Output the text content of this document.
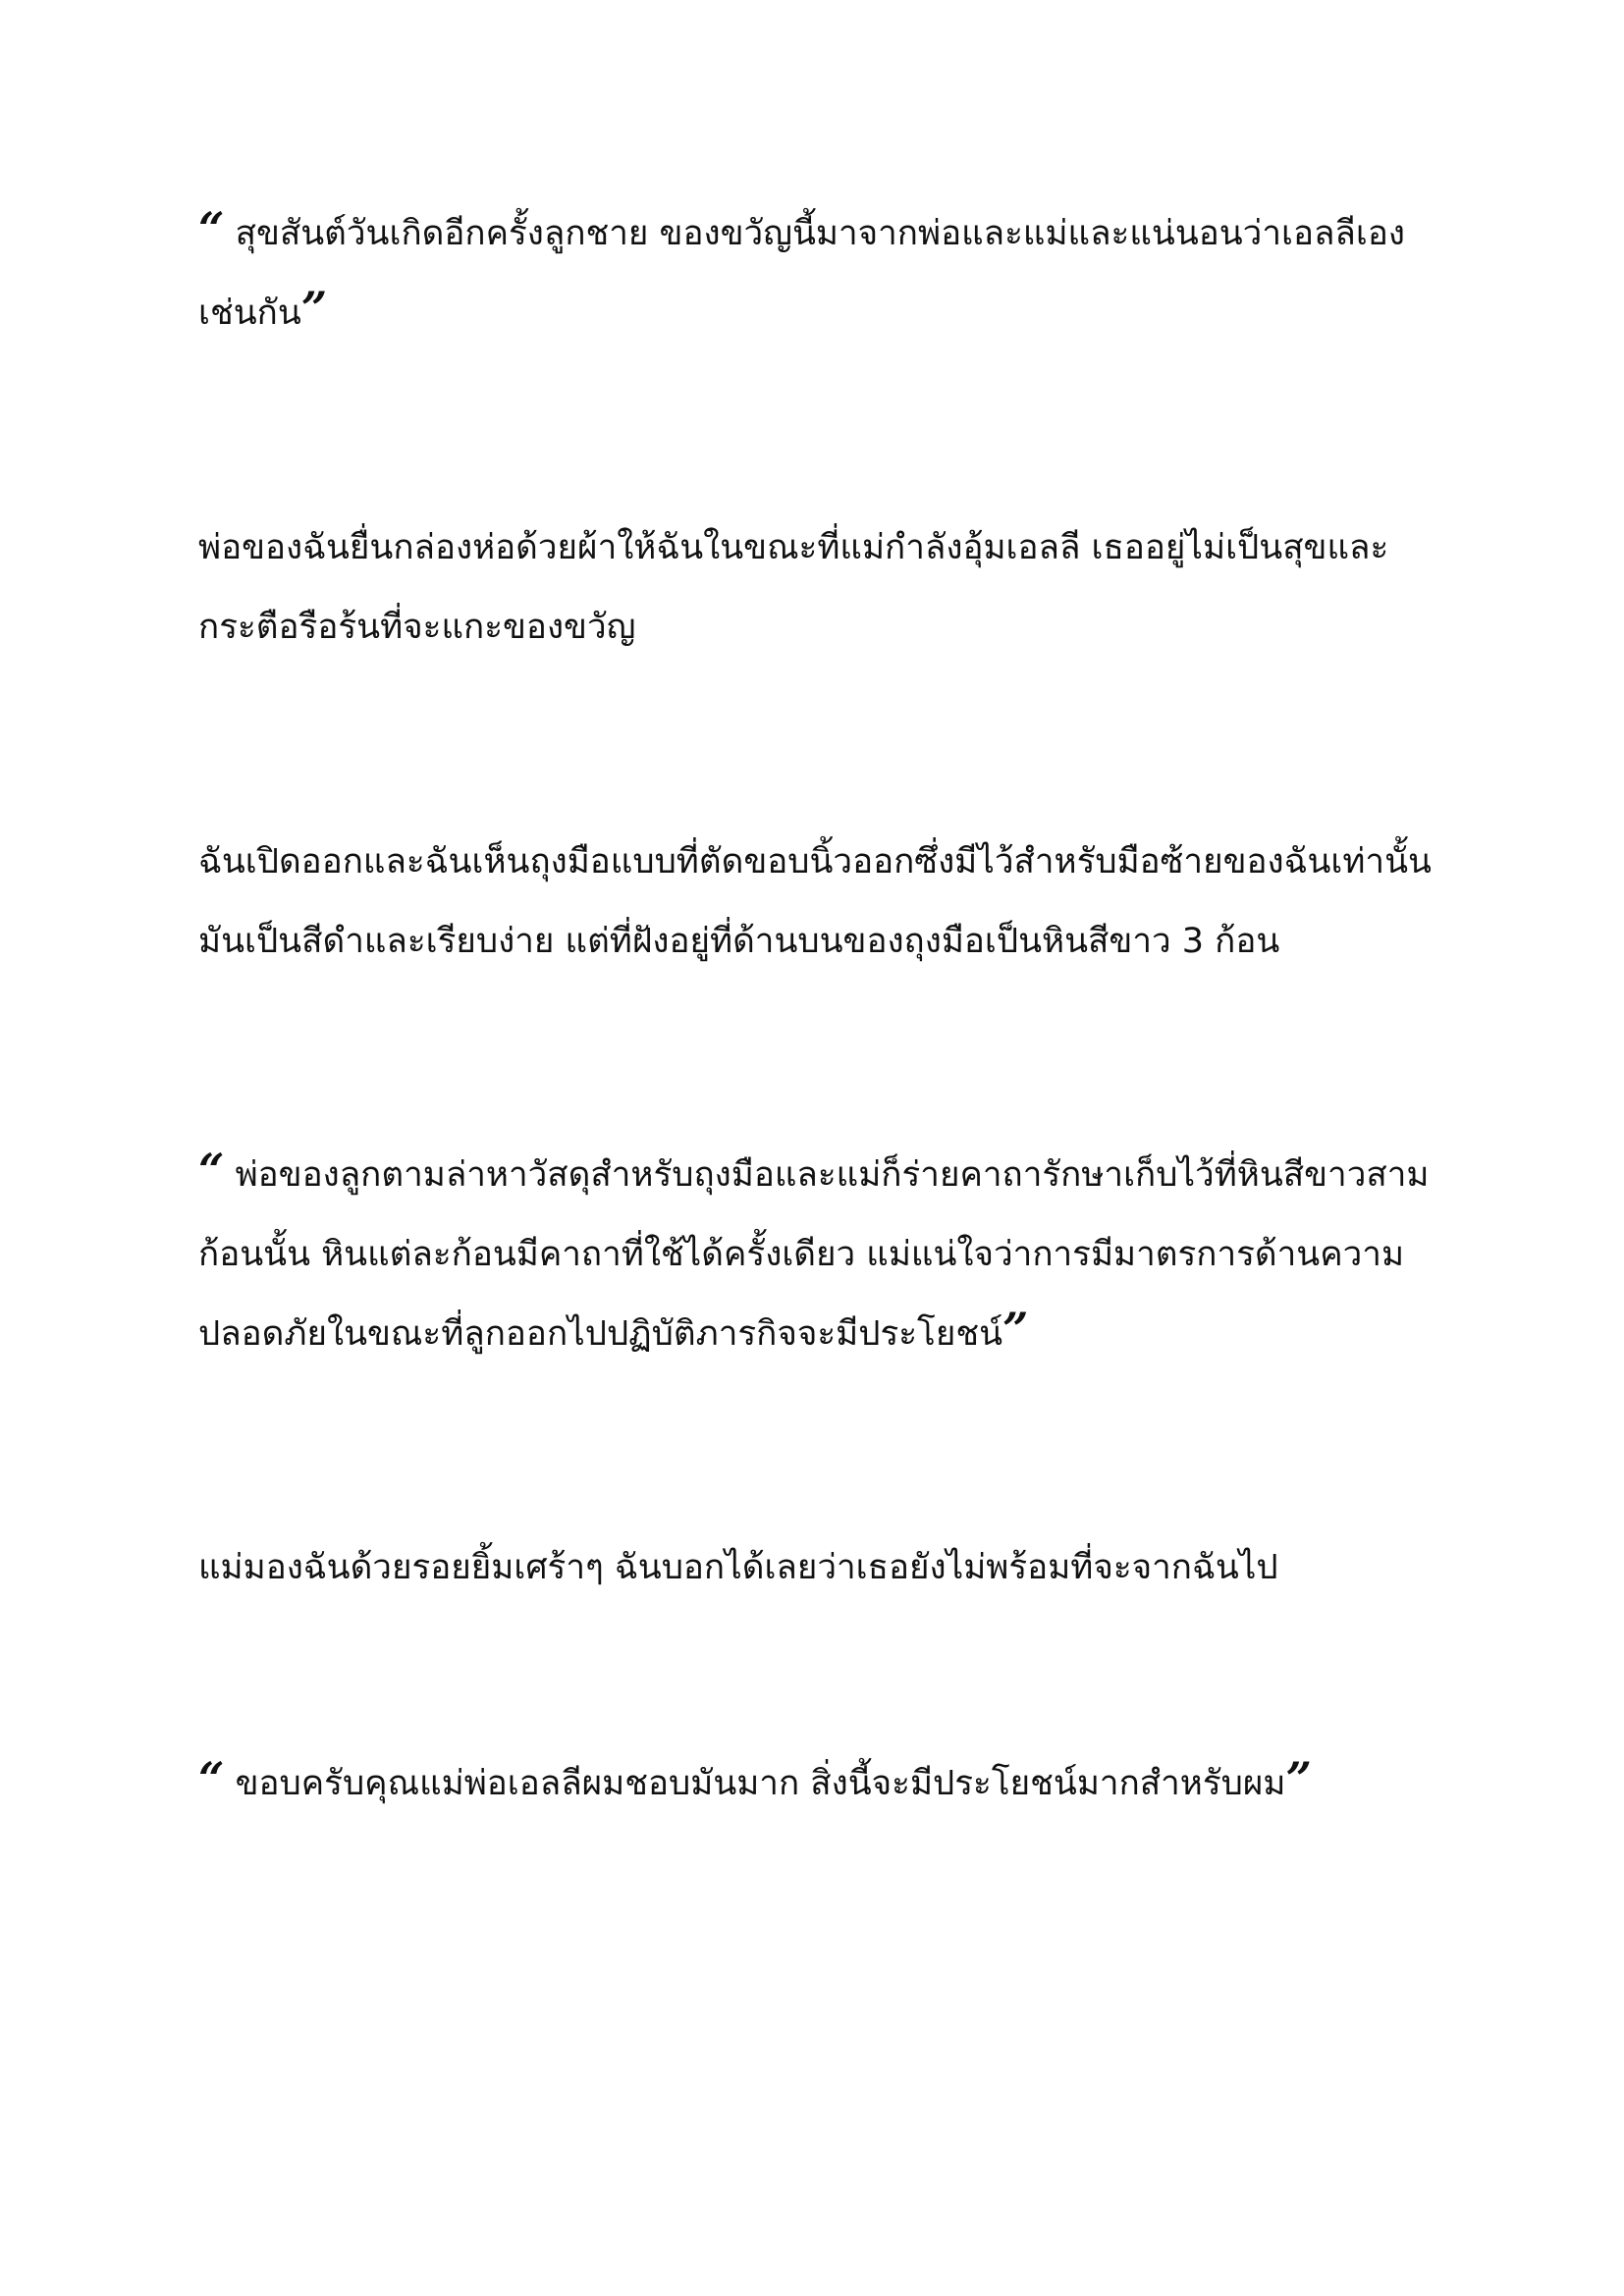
“ สุขสันต์วันเกิดอีกครั้งลูกชาย ของขวัญนี้มาจากพ่อและแม่และแน่นอนว่าเอลลีเองเช่นกัน”

พ่อของฉันยื่นกล่องห่อด้วยผ้าให้ฉันในขณะที่แม่กำลังอุ้มเอลลี เธออยู่ไม่เป็นสุขและกระตือรือร้นที่จะแกะของขวัญ

ฉันเปิดออกและฉันเห็นถุงมือแบบที่ตัดขอบนิ้วออกซึ่งมีไว้สำหรับมือซ้ายของฉันเท่านั้น มันเป็นสีดำและเรียบง่าย แต่ที่ฝังอยู่ที่ด้านบนของถุงมือเป็นหินสีขาว 3 ก้อน

“ พ่อของลูกตามล่าหาวัสดุสำหรับถุงมือและแม่ก็ร่ายคาถารักษาเก็บไว้ที่หินสีขาวสามก้อนนั้น หินแต่ละก้อนมีคาถาที่ใช้ได้ครั้งเดียว แม่แน่ใจว่าการมีมาตรการด้านความปลอดภัยในขณะที่ลูกออกไปปฏิบัติภารกิจจะมีประโยชน์”

แม่มองฉันด้วยรอยยิ้มเศร้าๆ ฉันบอกได้เลยว่าเธอยังไม่พร้อมที่จะจากฉันไป

“ ขอบครับคุณแม่พ่อเอลลีผมชอบมันมาก สิ่งนี้จะมีประโยชน์มากสำหรับผม”
